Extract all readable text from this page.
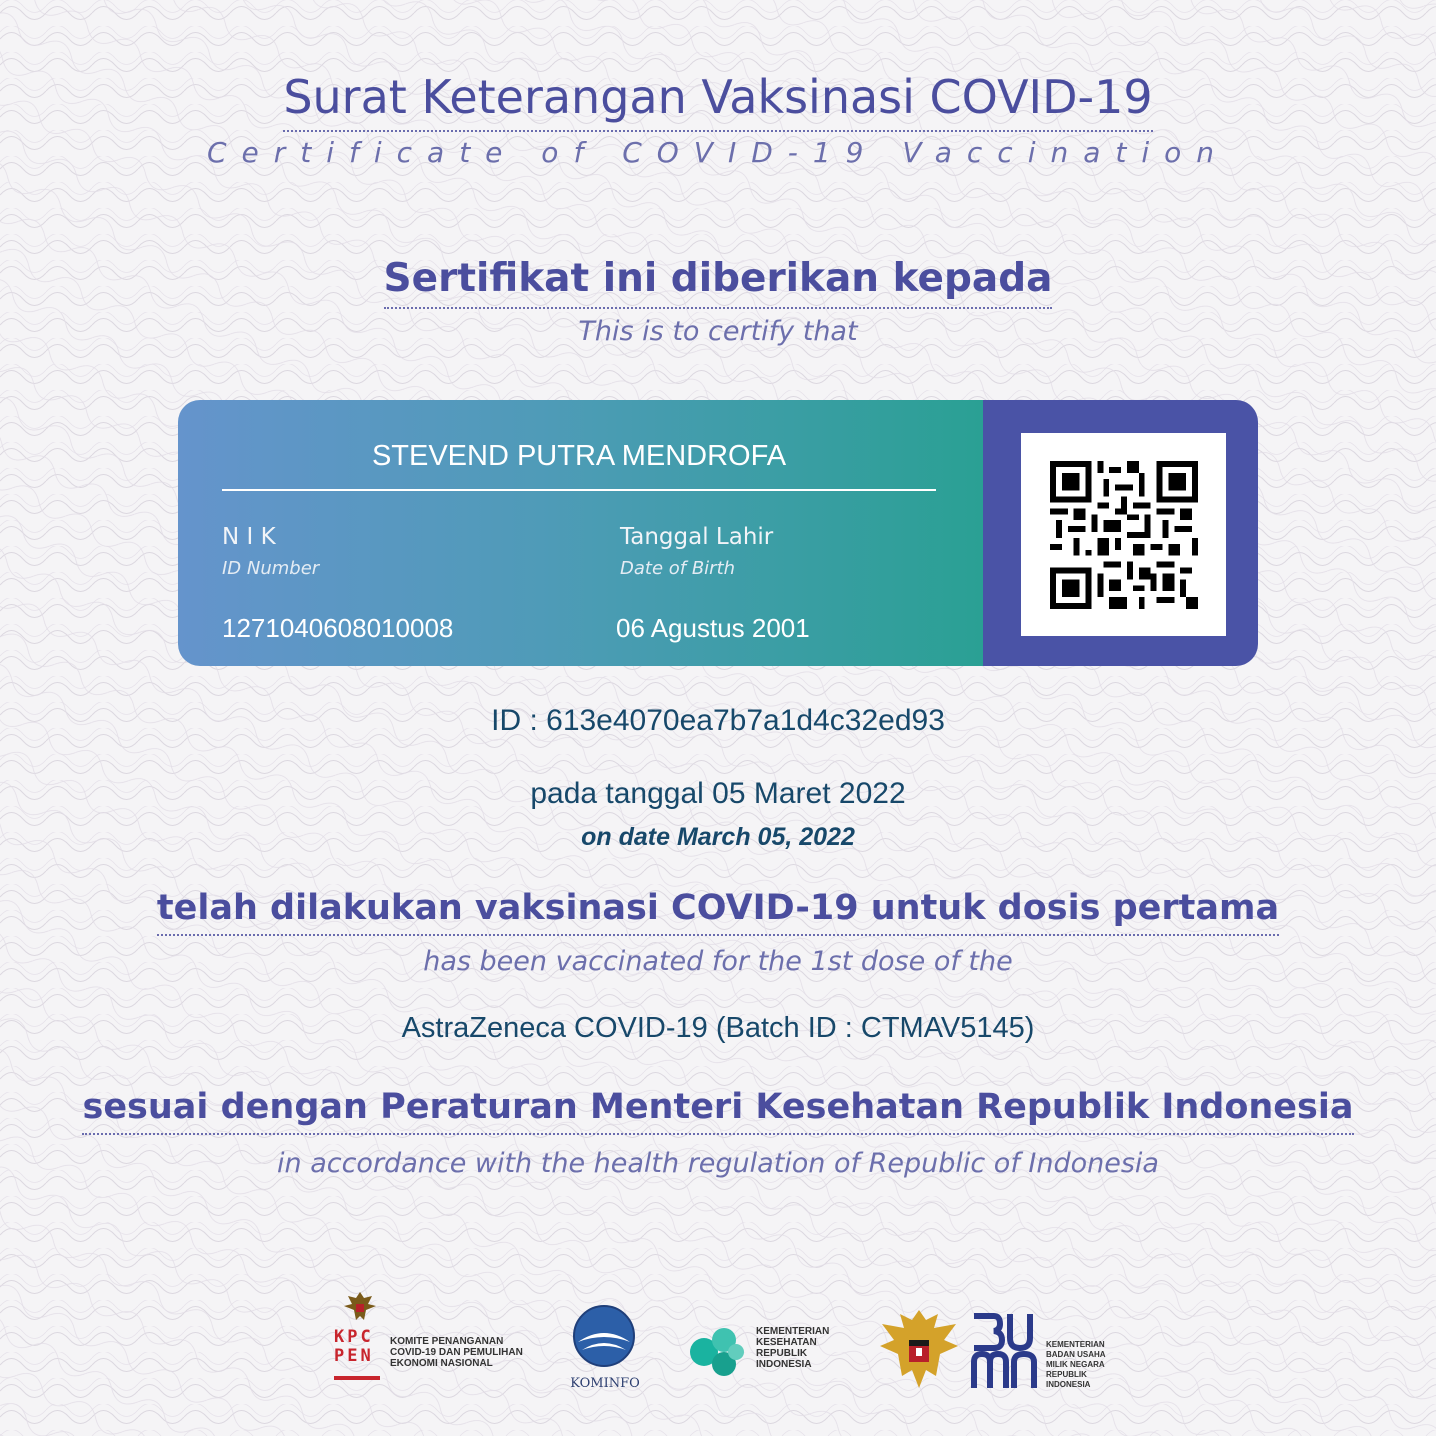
Surat Keterangan Vaksinasi COVID-19
Certificate of COVID-19 Vaccination
Sertifikat ini diberikan kepada
This is to certify that
STEVEND PUTRA MENDROFA
N I K
ID Number
1271040608010008
Tanggal Lahir
Date of Birth
06 Agustus 2001
ID : 613e4070ea7b7a1d4c32ed93
pada tanggal 05 Maret 2022
on date March 05, 2022
telah dilakukan vaksinasi COVID-19 untuk dosis pertama
has been vaccinated for the 1st dose of the
AstraZeneca COVID-19 (Batch ID : CTMAV5145)
sesuai dengan Peraturan Menteri Kesehatan Republik Indonesia
in accordance with the health regulation of Republic of Indonesia
KPC
PEN
KOMITE PENANGANAN
COVID-19 DAN PEMULIHAN
EKONOMI NASIONAL
KOMINFO
KEMENTERIAN
KESEHATAN
REPUBLIK
INDONESIA
KEMENTERIAN
BADAN USAHA
MILIK NEGARA
REPUBLIK
INDONESIA
